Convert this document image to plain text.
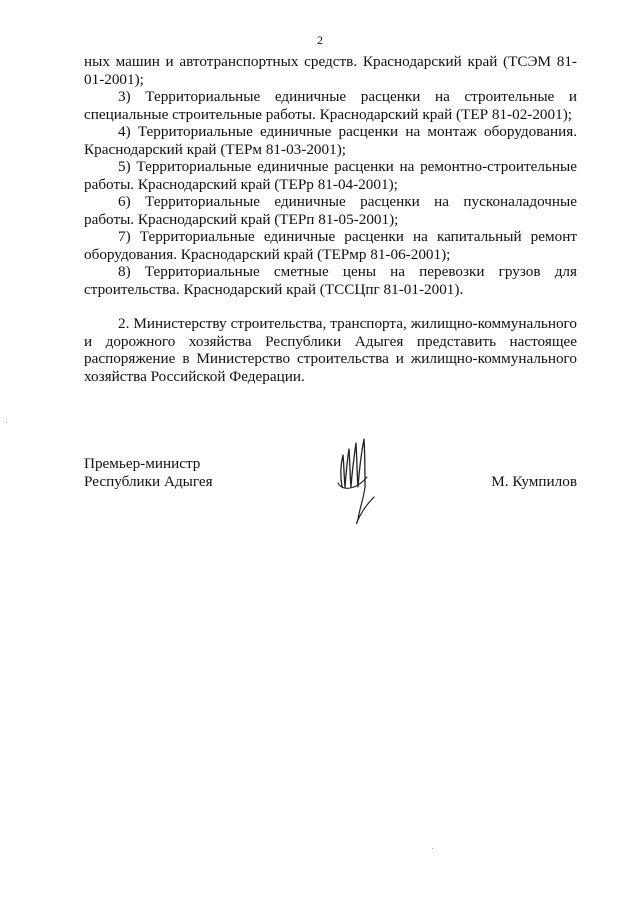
2

ных машин и автотранспортных средств. Краснодарский край (ТСЭМ 81-01-2001);

3) Территориальные единичные расценки на строительные и специальные строительные работы. Краснодарский край (ТЕР 81-02-2001);

4) Территориальные единичные расценки на монтаж оборудования. Краснодарский край (ТЕРм 81-03-2001);

5) Территориальные единичные расценки на ремонтно-строительные работы. Краснодарский край (ТЕРр 81-04-2001);

6) Территориальные единичные расценки на пусконаладочные работы. Краснодарский край (ТЕРп 81-05-2001);

7) Территориальные единичные расценки на капитальный ремонт оборудования. Краснодарский край (ТЕРмр 81-06-2001);

8) Территориальные сметные цены на перевозки грузов для строительства. Краснодарский край (ТССЦпг 81-01-2001).

2. Министерству строительства, транспорта, жилищно-коммунального и дорожного хозяйства Республики Адыгея представить настоящее распоряжение в Министерство строительства и жилищно-коммунального хозяйства Российской Федерации.

Премьер-министр
Республики Адыгея	М. Кумпилов
